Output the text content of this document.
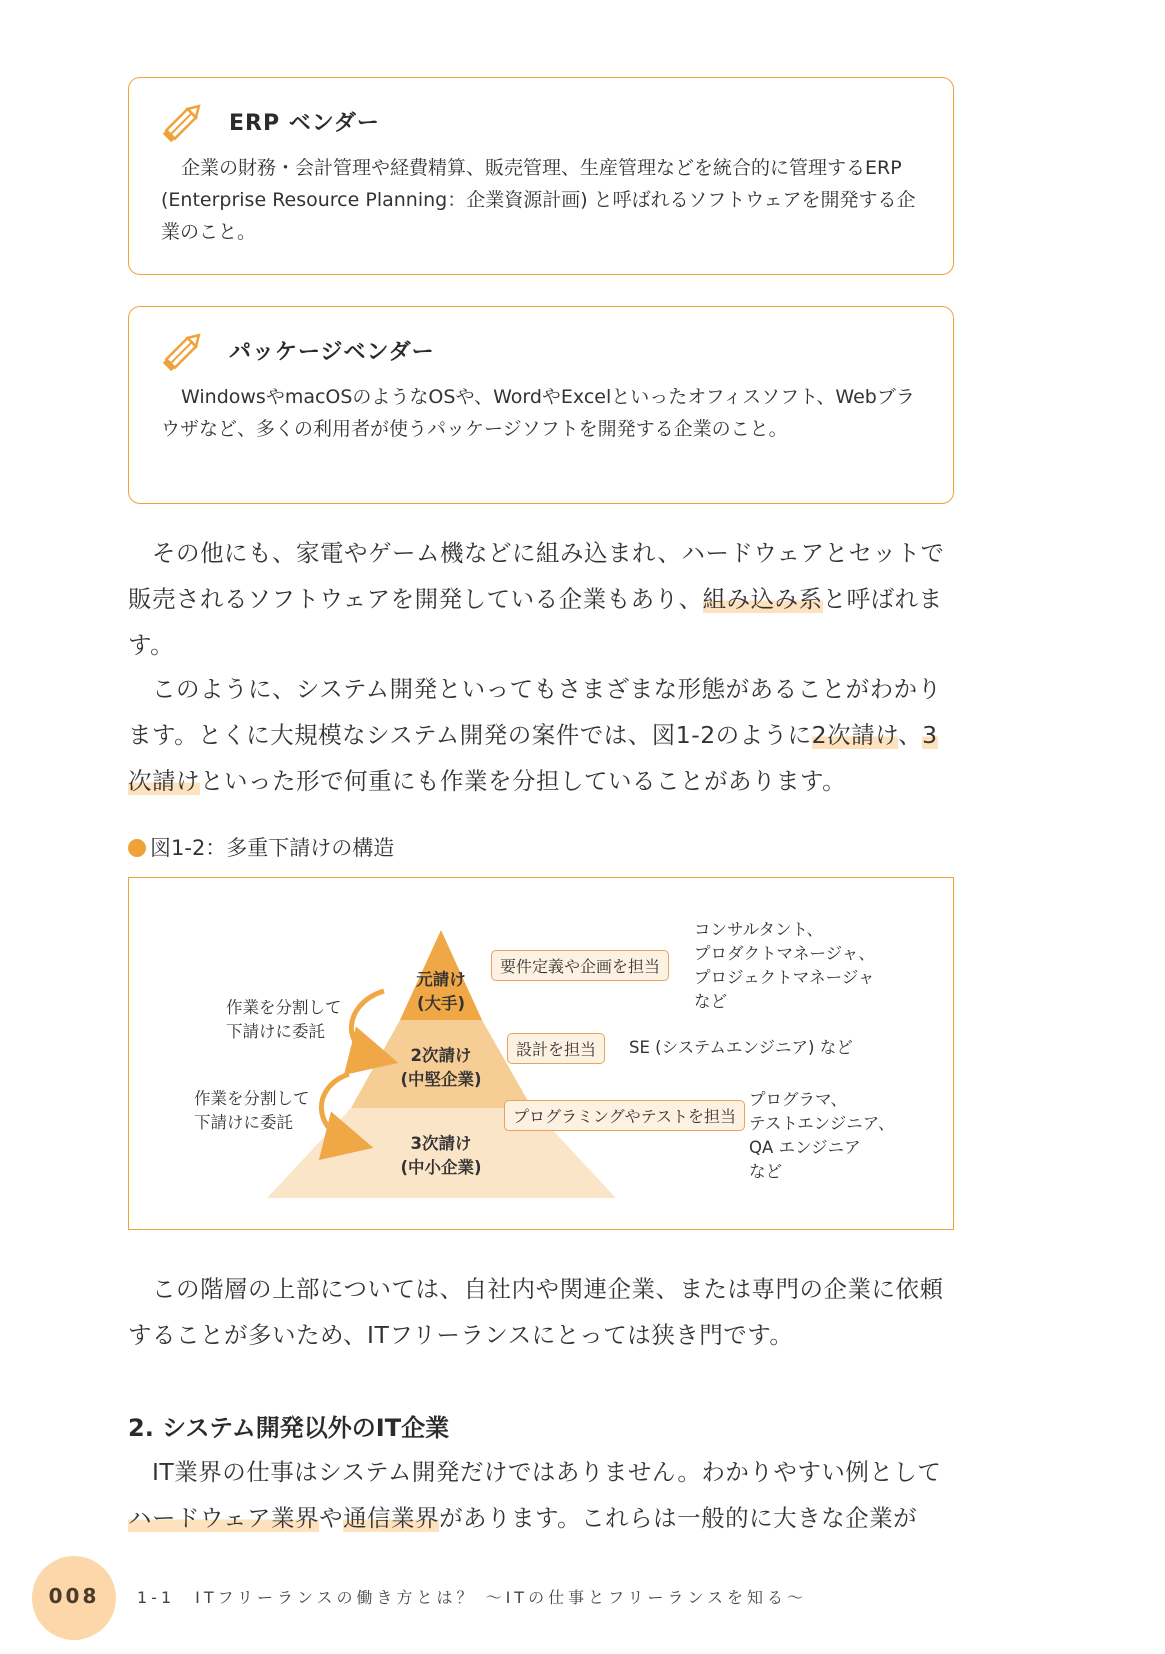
ERP ベンダー
企業の財務・会計管理や経費精算、販売管理、生産管理などを統合的に管理するERP (Enterprise Resource Planning：企業資源計画) と呼ばれるソフトウェアを開発する企業のこと。
パッケージベンダー
WindowsやmacOSのようなOSや、WordやExcelといったオフィスソフト、Webブラウザなど、多くの利用者が使うパッケージソフトを開発する企業のこと。
その他にも、家電やゲーム機などに組み込まれ、ハードウェアとセットで販売されるソフトウェアを開発している企業もあり、組み込み系と呼ばれます。
このように、システム開発といってもさまざまな形態があることがわかります。とくに大規模なシステム開発の案件では、図1-2のように2次請け、3次請けといった形で何重にも作業を分担していることがあります。
図1-2：多重下請けの構造
元請け
(大手)
2次請け
(中堅企業)
3次請け
(中小企業)
要件定義や企画を担当
設計を担当
プログラミングやテストを担当
コンサルタント、
プロダクトマネージャ、
プロジェクトマネージャ
など
SE (システムエンジニア) など
プログラマ、
テストエンジニア、
QA エンジニア
など
作業を分割して
下請けに委託
作業を分割して
下請けに委託
この階層の上部については、自社内や関連企業、または専門の企業に依頼することが多いため、ITフリーランスにとっては狭き門です。
2. システム開発以外のIT企業
IT業界の仕事はシステム開発だけではありません。わかりやすい例としてハードウェア業界や通信業界があります。これらは一般的に大きな企業が
008	1-1　ITフリーランスの働き方とは？ ～ITの仕事とフリーランスを知る～
